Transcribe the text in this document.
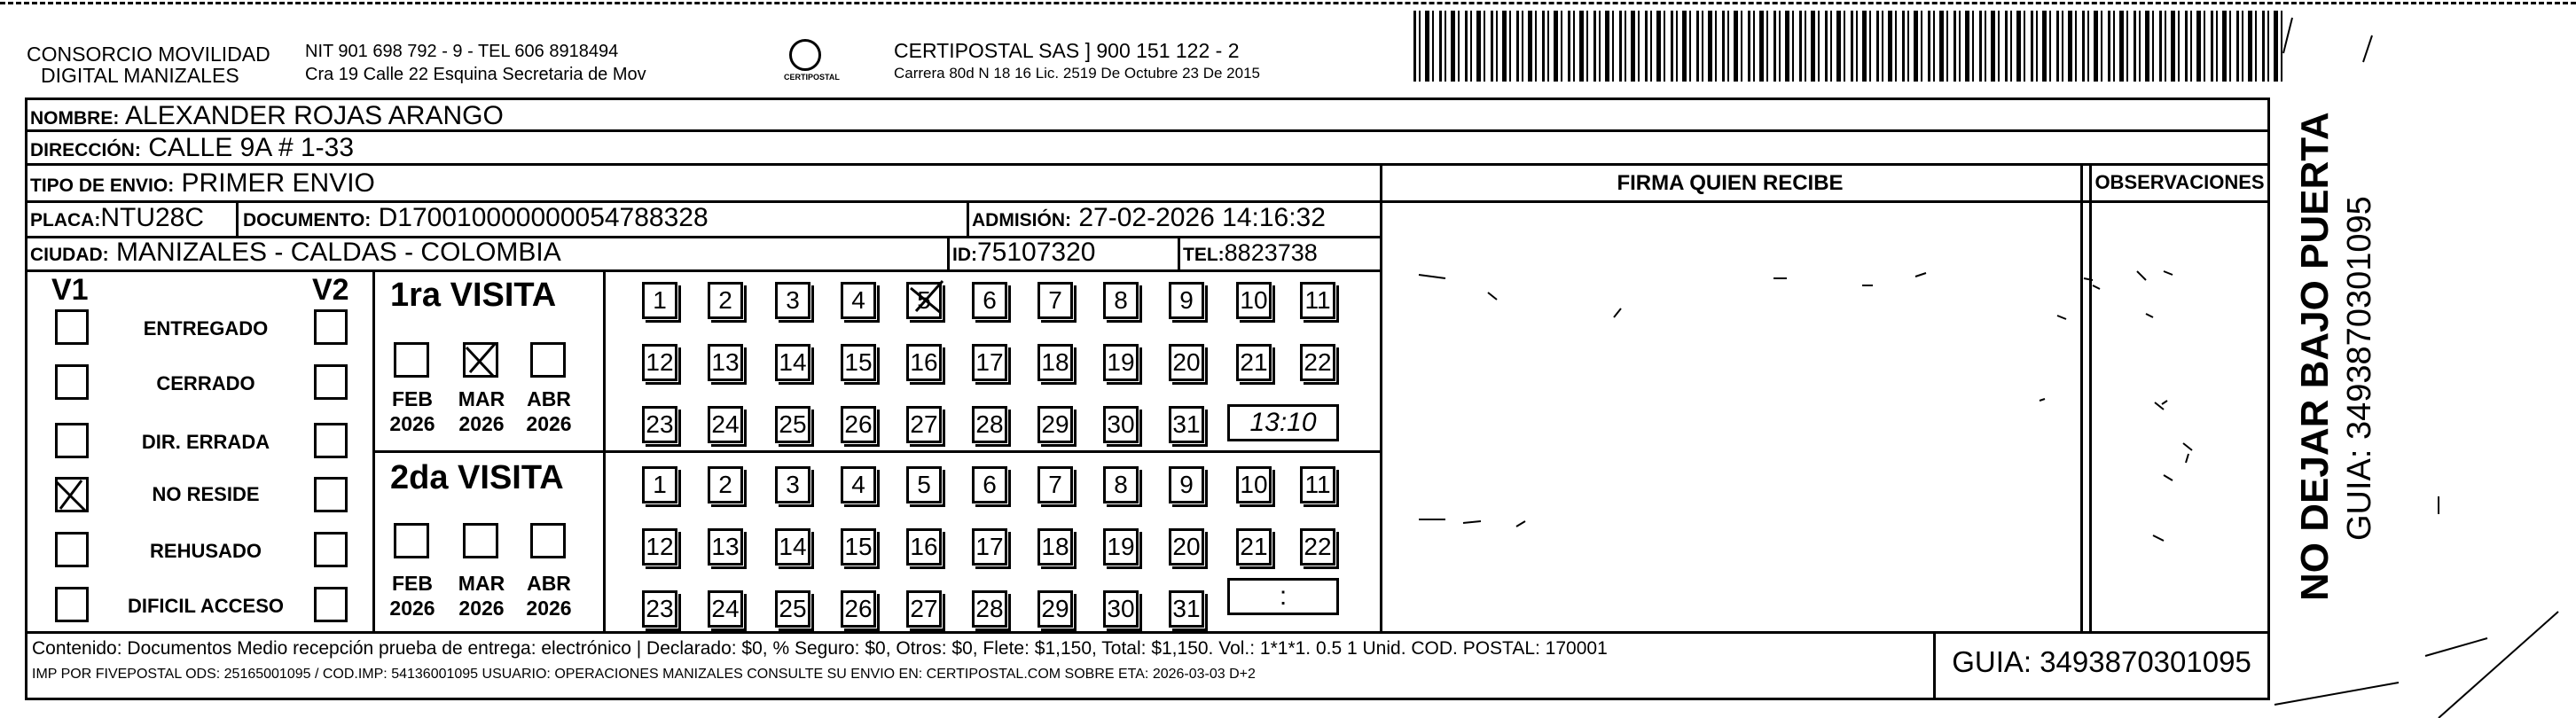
CONSORCIO MOVILIDAD
DIGITAL MANIZALES
NIT 901 698 792 - 9 - TEL 606 8918494
Cra 19 Calle 22 Esquina Secretaria de Mov	CERTIPOSTAL
CERTIPOSTAL SAS ] 900 151 122 - 2
Carrera 80d N 18 16 Lic. 2519 De Octubre 23 De 2015
NOMBRE: ALEXANDER ROJAS ARANGO
DIRECCIÓN: CALLE 9A # 1-33
TIPO DE ENVIO: PRIMER ENVIO	FIRMA QUIEN RECIBE	OBSERVACIONES
PLACA:NTU28C DOCUMENTO: D170010000000054788328	ADMISIÓN: 27-02-2026 14:16:32
CIUDAD: MANIZALES - CALDAS - COLOMBIA	ID:75107320	TEL:8823738
V1	V2
ENTREGADO
CERRADO
DIR. ERRADA
NO RESIDE
REHUSADO
DIFICIL ACCESO
1ra VISITA
FEB
2026
MAR
2026
ABR
2026
1	2	3	4	5	6	7	8	9	10 11
12 13 14 15 16 17 18 19 20 21 22
23 24 25 26 27 28 29 30 31	13:10
2da VISITA
FEB
2026
MAR
2026
ABR
2026
1	2	3	4	5	6	7	8	9	10 11
12 13 14 15 16 17 18 19 20 21 22
23 24 25 26 27 28 29 30 31	:
Contenido: Documentos Medio recepción prueba de entrega: electrónico | Declarado: $0, % Seguro: $0, Otros: $0, Flete: $1,150, Total: $1,150. Vol.: 1*1*1. 0.5 1 Unid. COD. POSTAL: 170001
IMP POR FIVEPOSTAL ODS: 25165001095 / COD.IMP: 54136001095 USUARIO: OPERACIONES MANIZALES CONSULTE SU ENVIO EN: CERTIPOSTAL.COM SOBRE ETA: 2026-03-03 D+2	GUIA: 3493870301095
NO DEJAR BAJO PUERTA GUIA: 3493870301095
